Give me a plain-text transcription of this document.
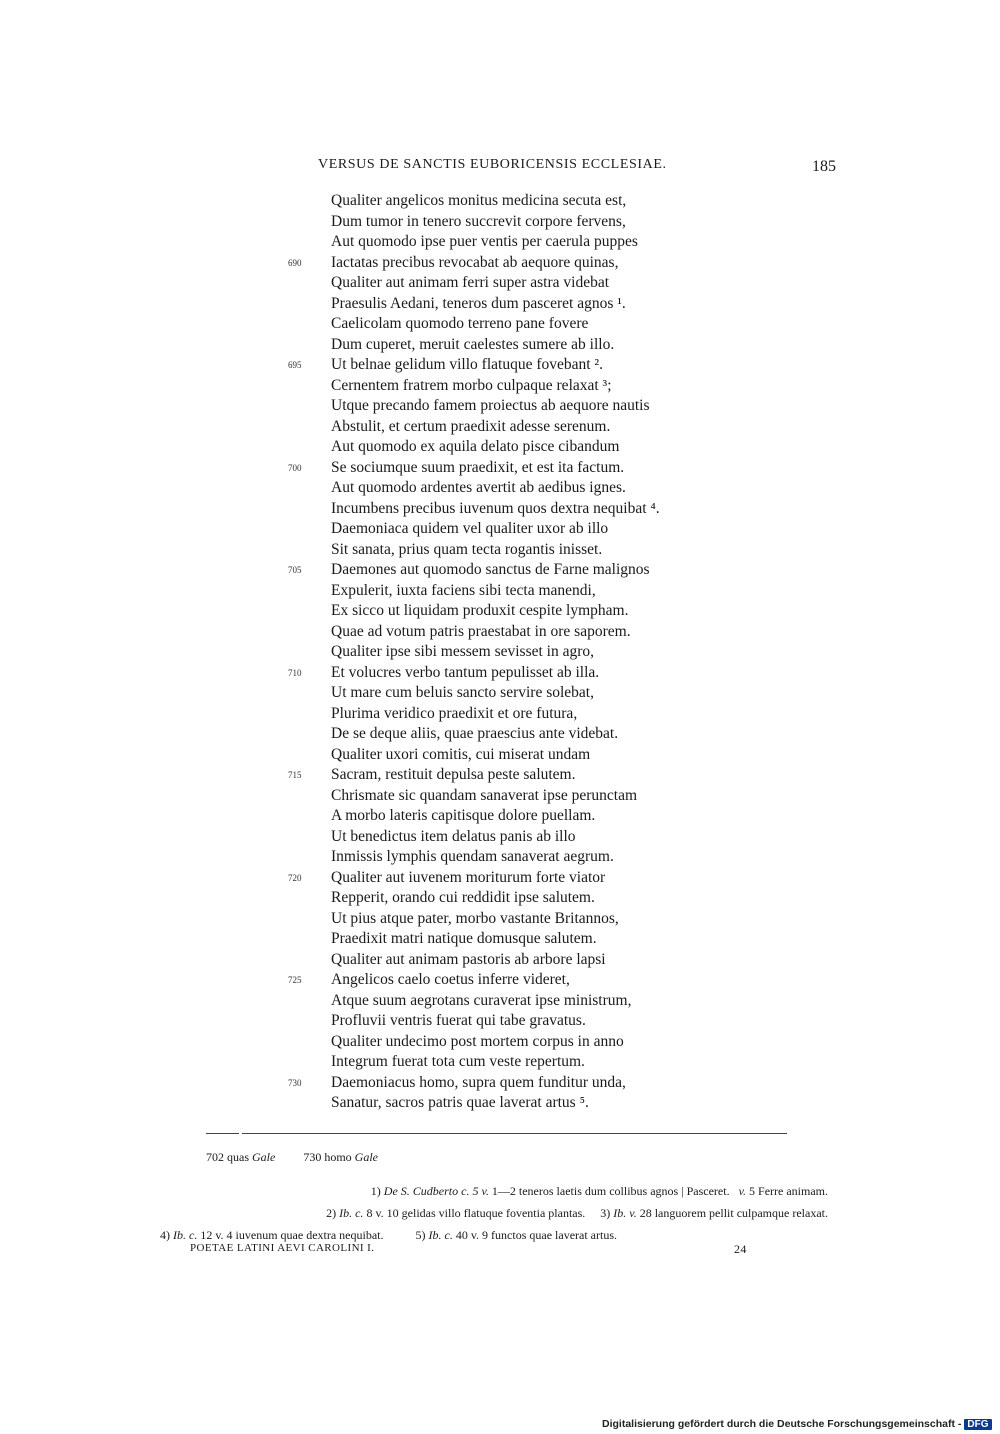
VERSUS DE SANCTIS EUBORICENSIS ECCLESIAE.	185
Qualiter angelicos monitus medicina secuta est,
Dum tumor in tenero succrevit corpore fervens,
Aut quomodo ipse puer ventis per caerula puppes
690	Iactatas precibus revocabat ab aequore quinas,
Qualiter aut animam ferri super astra videbat
Praesulis Aedani, teneros dum pasceret agnos ¹.
Caelicolam quomodo terreno pane fovere
Dum cuperet, meruit caelestes sumere ab illo.
695	Ut belnae gelidum villo flatuque fovebant ².
Cernentem fratrem morbo culpaque relaxat ³;
Utque precando famem proiectus ab aequore nautis
Abstulit, et certum praedixit adesse serenum.
Aut quomodo ex aquila delato pisce cibandum
700	Se sociumque suum praedixit, et est ita factum.
Aut quomodo ardentes avertit ab aedibus ignes.
Incumbens precibus iuvenum quos dextra nequibat ⁴.
Daemoniaca quidem vel qualiter uxor ab illo
Sit sanata, prius quam tecta rogantis inisset.
705	Daemones aut quomodo sanctus de Farne malignos
Expulerit, iuxta faciens sibi tecta manendi,
Ex sicco ut liquidam produxit cespite lympham.
Quae ad votum patris praestabat in ore saporem.
Qualiter ipse sibi messem sevisset in agro,
710	Et volucres verbo tantum pepulisset ab illa.
Ut mare cum beluis sancto servire solebat,
Plurima veridico praedixit et ore futura,
De se deque aliis, quae praescius ante videbat.
Qualiter uxori comitis, cui miserat undam
715	Sacram, restituit depulsa peste salutem.
Chrismate sic quandam sanaverat ipse perunctam
A morbo lateris capitisque dolore puellam.
Ut benedictus item delatus panis ab illo
Inmissis lymphis quendam sanaverat aegrum.
720	Qualiter aut iuvenem moriturum forte viator
Repperit, orando cui reddidit ipse salutem.
Ut pius atque pater, morbo vastante Britannos,
Praedixit matri natique domusque salutem.
Qualiter aut animam pastoris ab arbore lapsi
725	Angelicos caelo coetus inferre videret,
Atque suum aegrotans curaverat ipse ministrum,
Profluvii ventris fuerat qui tabe gravatus.
Qualiter undecimo post mortem corpus in anno
Integrum fuerat tota cum veste repertum.
730	Daemoniacus homo, supra quem funditur unda,
Sanatur, sacros patris quae laverat artus ⁵.
702 quas Gale 730 homo Gale
1) De S. Cudberto c. 5 v. 1—2 teneros laetis dum collibus agnos | Pasceret. v. 5 Ferre animam.
2) Ib. c. 8 v. 10 gelidas villo flatuque foventia plantas. 3) Ib. v. 28 languorem pellit culpamque relaxat.
4) Ib. c. 12 v. 4 iuvenum quae dextra nequibat.	5) Ib. c. 40 v. 9 functos quae laverat artus.
POETAE LATINI AEVI CAROLINI I.	24
Digitalisierung gefördert durch die Deutsche Forschungsgemeinschaft - DFG
